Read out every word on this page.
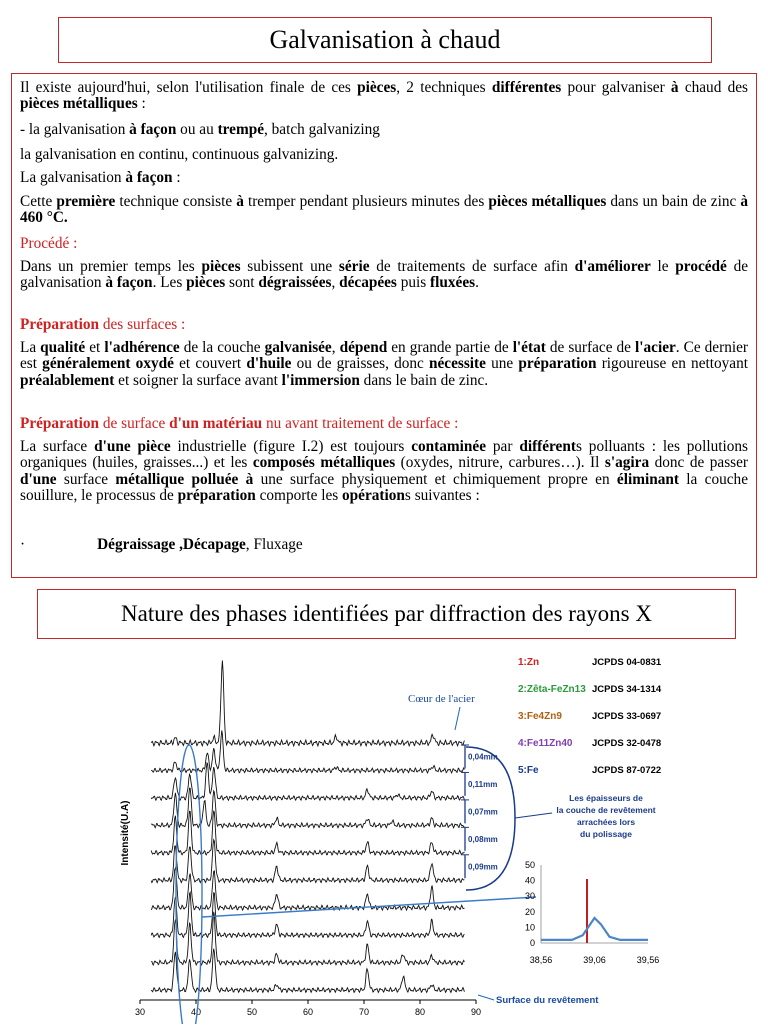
Galvanisation à chaud
Il existe aujourd'hui, selon l'utilisation finale de ces pièces, 2 techniques différentes pour galvaniser à chaud des pièces métalliques :
- la galvanisation à façon ou au trempé, batch galvanizing
la galvanisation en continu, continuous galvanizing.
La galvanisation à façon :
Cette première technique consiste à tremper pendant plusieurs minutes des pièces métalliques dans un bain de zinc à 460 °C.
Procédé :
Dans un premier temps les pièces subissent une série de traitements de surface afin d'améliorer le procédé de galvanisation à façon. Les pièces sont dégraissées, décapées puis fluxées.
Préparation des surfaces :
La qualité et l'adhérence de la couche galvanisée, dépend en grande partie de l'état de surface de l'acier. Ce dernier est généralement oxydé et couvert d'huile ou de graisses, donc nécessite une préparation rigoureuse en nettoyant préalablement et soigner la surface avant l'immersion dans le bain de zinc.
Préparation de surface d'un matériau nu avant traitement de surface :
La surface d'une pièce industrielle (figure I.2) est toujours contaminée par différents polluants : les pollutions organiques (huiles, graisses...) et les composés métalliques (oxydes, nitrure, carbures…). Il s'agira donc de passer d'une surface métallique polluée à une surface physiquement et chimiquement propre en éliminant la couche souillure, le processus de préparation comporte les opérations suivantes :
·	Dégraissage ,Décapage, Fluxage
Nature des phases identifiées par diffraction des rayons X
30	40	50	60	70	80	90
Intensité(U.A)
1:Zn	JCPDS 04-0831
2:Zêta-FeZn13 JCPDS 34-1314
3:Fe4Zn9	JCPDS 33-0697
4:Fe11Zn40 JCPDS 32-0478
5:Fe	JCPDS 87-0722
Cœur de l'acier
Surface du revêtement
Les épaisseurs de
la couche de revêtement
arrachées lors
du polissage
0,04mm
0,11mm
0,07mm
0,08mm
0,09mm
0
10
20
30
40
50
38,56	39,06	39,56
